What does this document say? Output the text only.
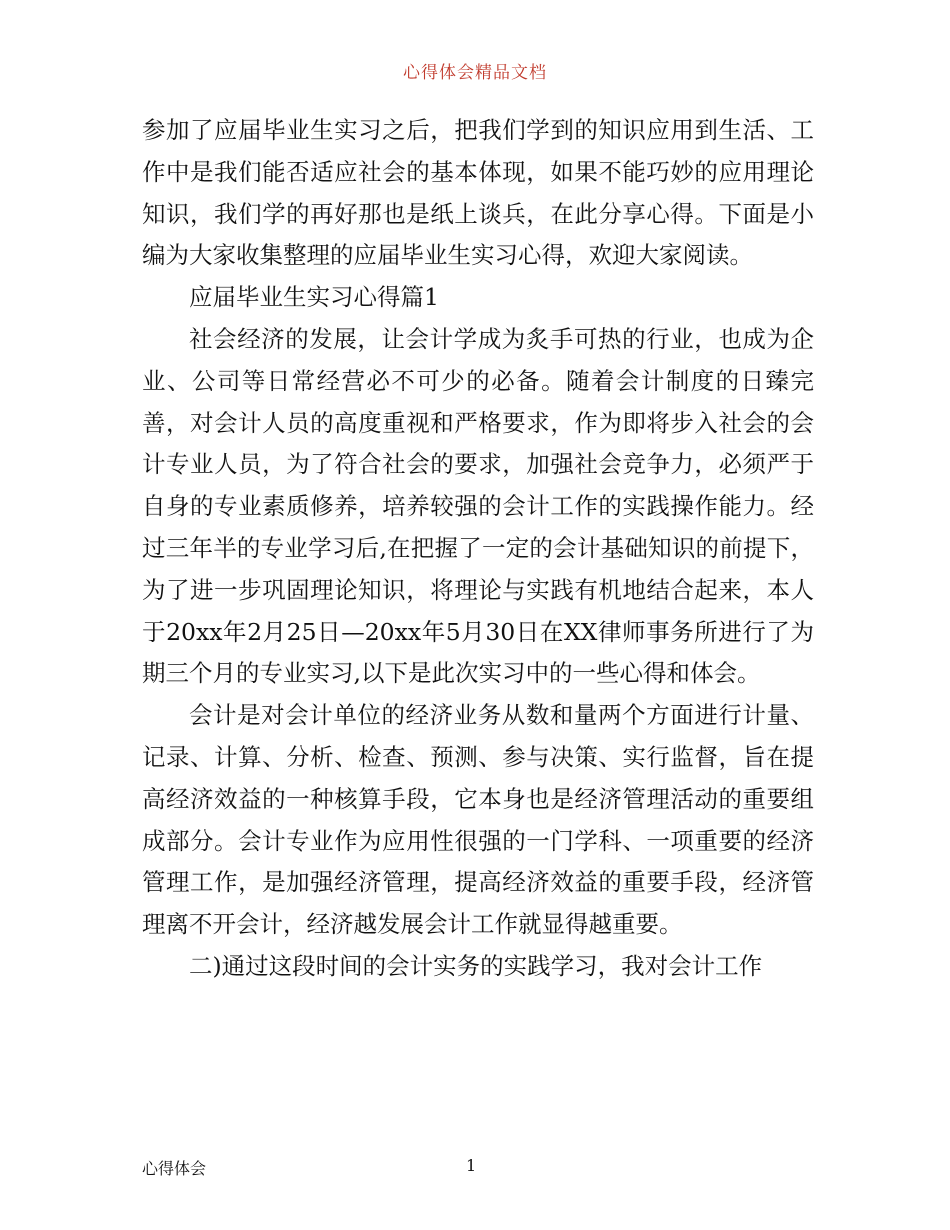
心得体会精品文档

参加了应届毕业生实习之后，把我们学到的知识应用到生活、工作中是我们能否适应社会的基本体现，如果不能巧妙的应用理论知识，我们学的再好那也是纸上谈兵，在此分享心得。下面是小编为大家收集整理的应届毕业生实习心得，欢迎大家阅读。

应届毕业生实习心得篇1

社会经济的发展，让会计学成为炙手可热的行业，也成为企业、公司等日常经营必不可少的必备。随着会计制度的日臻完善，对会计人员的高度重视和严格要求，作为即将步入社会的会计专业人员，为了符合社会的要求，加强社会竞争力，必须严于自身的专业素质修养，培养较强的会计工作的实践操作能力。经过三年半的专业学习后,在把握了一定的会计基础知识的前提下，为了进一步巩固理论知识，将理论与实践有机地结合起来，本人于20xx年2月25日—20xx年5月30日在XX律师事务所进行了为期三个月的专业实习,以下是此次实习中的一些心得和体会。

会计是对会计单位的经济业务从数和量两个方面进行计量、记录、计算、分析、检查、预测、参与决策、实行监督，旨在提高经济效益的一种核算手段，它本身也是经济管理活动的重要组成部分。会计专业作为应用性很强的一门学科、一项重要的经济管理工作，是加强经济管理，提高经济效益的重要手段，经济管理离不开会计，经济越发展会计工作就显得越重要。

二)通过这段时间的会计实务的实践学习，我对会计工作

心得体会	1
